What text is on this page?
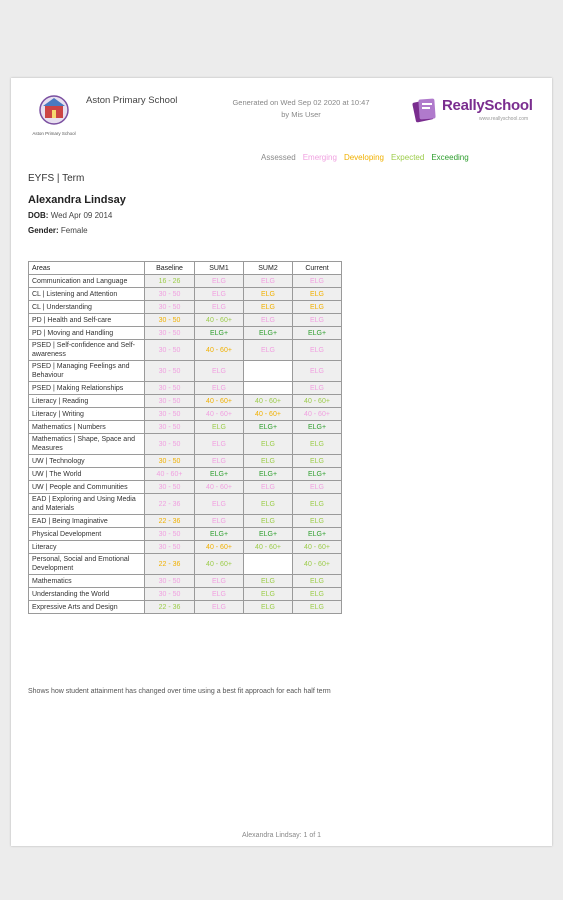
Aston Primary School
Aston Primary School	Generated on Wed Sep 02 2020 at 10:47
by Mis User
ReallySchool
www.reallyschool.com
Assessed Emerging Developing Expected Exceeding
EYFS | Term
Alexandra Lindsay
DOB: Wed Apr 09 2014
Gender: Female
Areas	Baseline	SUM1	SUM2	Current
Communication and Language	16 - 26	ELG	ELG	ELG
CL | Listening and Attention	30 - 50	ELG	ELG	ELG
CL | Understanding	30 - 50	ELG	ELG	ELG
PD | Health and Self-care	30 - 50	40 - 60+	ELG	ELG
PD | Moving and Handling	30 - 50	ELG+	ELG+	ELG+
PSED | Self-confidence and Self-awareness	30 - 50	40 - 60+	ELG	ELG
PSED | Managing Feelings and Behaviour	30 - 50	ELG		ELG
PSED | Making Relationships	30 - 50	ELG		ELG
Literacy | Reading	30 - 50	40 - 60+	40 - 60+	40 - 60+
Literacy | Writing	30 - 50	40 - 60+	40 - 60+	40 - 60+
Mathematics | Numbers	30 - 50	ELG	ELG+	ELG+
Mathematics | Shape, Space and Measures	30 - 50	ELG	ELG	ELG
UW | Technology	30 - 50	ELG	ELG	ELG
UW | The World	40 - 60+	ELG+	ELG+	ELG+
UW | People and Communities	30 - 50	40 - 60+	ELG	ELG
EAD | Exploring and Using Media and Materials	22 - 36	ELG	ELG	ELG
EAD | Being Imaginative	22 - 36	ELG	ELG	ELG
Physical Development	30 - 50	ELG+	ELG+	ELG+
Literacy	30 - 50	40 - 60+	40 - 60+	40 - 60+
Personal, Social and Emotional Development	22 - 36	40 - 60+		40 - 60+
Mathematics	30 - 50	ELG	ELG	ELG
Understanding the World	30 - 50	ELG	ELG	ELG
Expressive Arts and Design	22 - 36	ELG	ELG	ELG
Shows how student attainment has changed over time using a best fit approach for each half term
Alexandra Lindsay: 1 of 1
